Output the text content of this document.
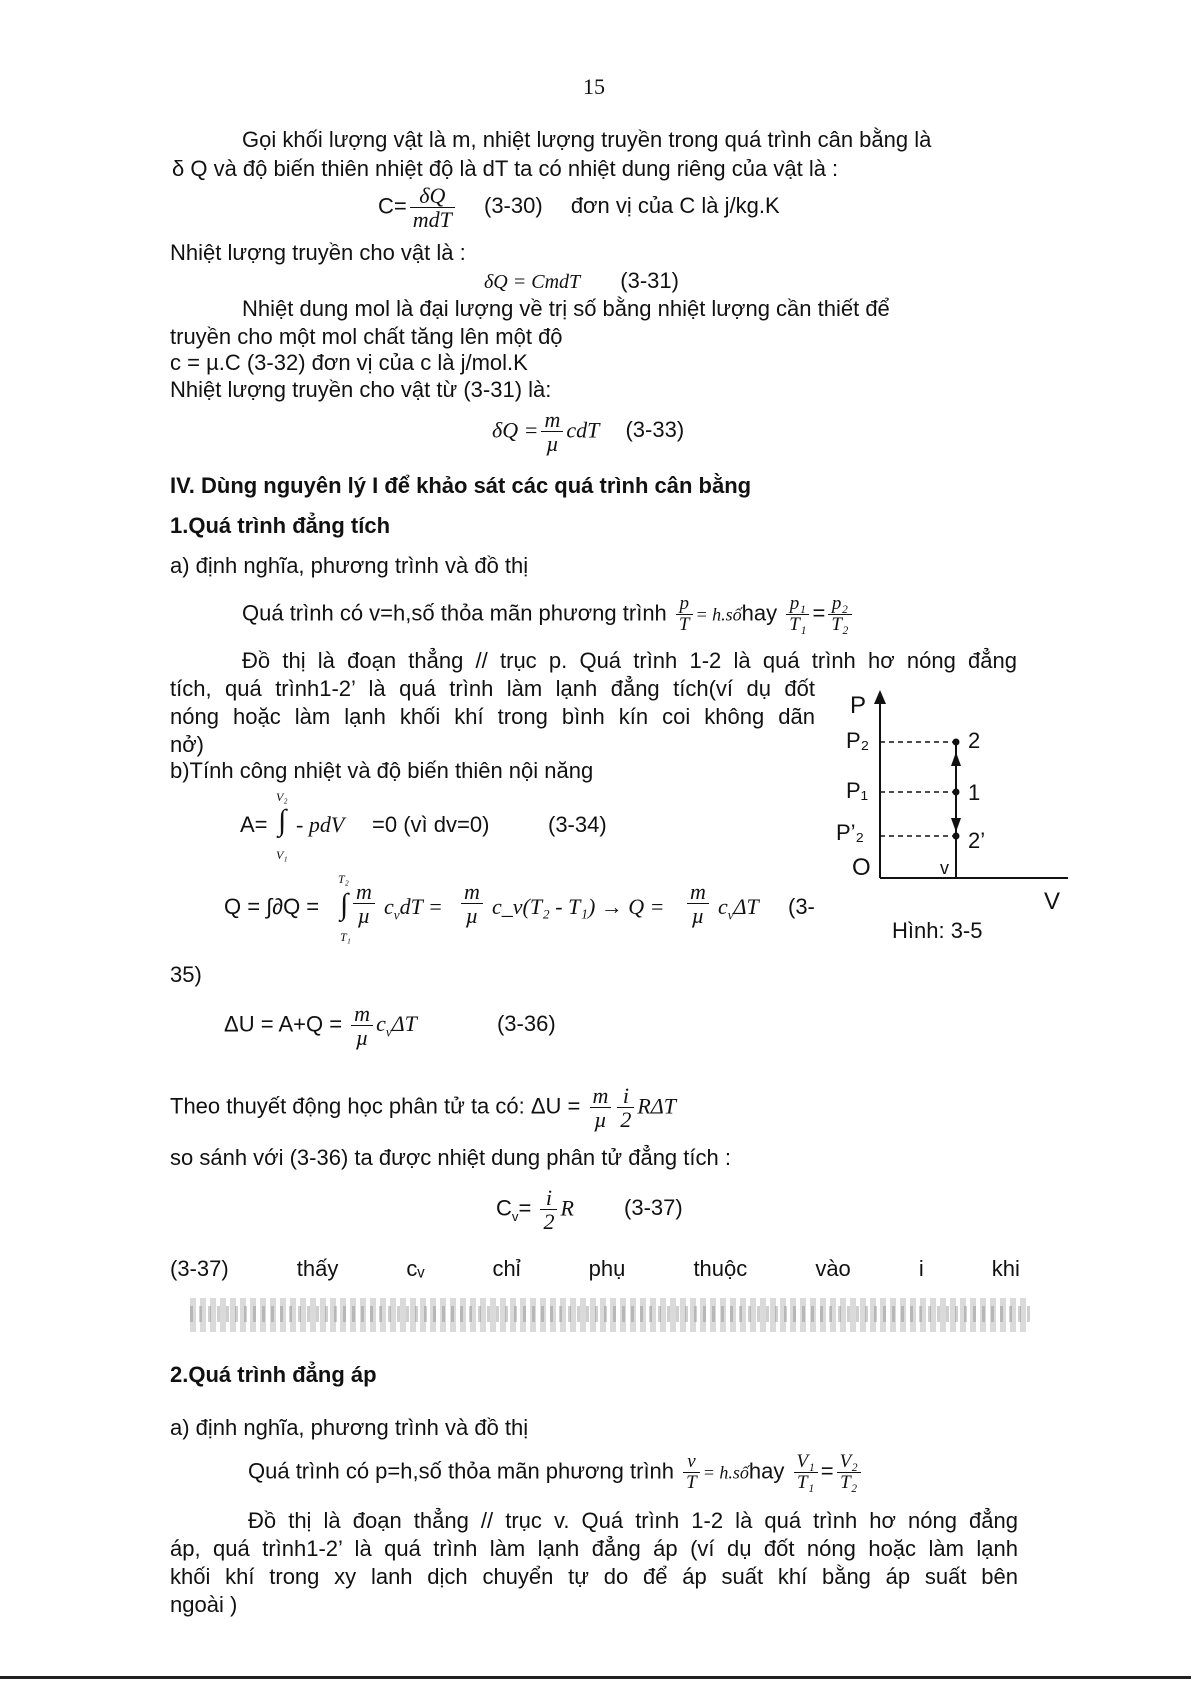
15
Gọi khối lượng vật là m, nhiệt lượng truyền trong quá trình cân bằng là
δ Q và độ biến thiên nhiệt độ là dT ta có nhiệt dung riêng của vật là :
$C= \frac{\delta Q}{\text{mdT}} (3-30)$ đơn vị của C là j/kg.K
Nhiệt lượng truyền cho vật là :
δQ = CmdT (3-31)
Nhiệt dung mol là đại lượng về trị số bằng nhiệt lượng cần thiết để
truyền cho một mol chất tăng lên một độ
c = µ.C (3-32) đơn vị của c là j/mol.K
Nhiệt lượng truyền cho vật từ (3-31) là:
$\delta Q = \frac{m}{\text{µ}}$ cdT (3-33)
IV. Dùng nguyên lý I để khảo sát các quá trình cân bằng
1.Quá trình đẳng tích
a) định nghĩa, phương trình và đồ thị
Quá trình có v=h,số thỏa mãn phương trình $\frac{p}{T}$ = h.sốhay $\frac{\text{p₁}}{\text{T₁}} = \frac{\text{p₂}}{\text{T₂}}$
Đồ thị là đoạn thẳng // trục p. Quá trình 1-2 là quá trình hơ nóng đẳng
tích, quá trình1-2’ là quá trình làm lạnh đẳng tích(ví dụ đốt
nóng hoặc làm lạnh khối khí trong bình kín coi không dãn
nở)
b)Tính công nhiệt và độ biến thiên nội năng
A=
V₂
∫
V₁
- pdV =0 (vì dv=0)	(3-34)
Q = ∫∂Q =
T₂
∫
T₁
m
µ $c_vdT$ =
m
µ c_v(T₂ - T₁) → Q =
m
µ $c_v\Delta T$ (3-
35)
$\Delta U = A+Q = \frac{m}{\text{µ}} c_v\Delta T$	(3-36)
Theo thuyết động học phân tử ta có: $\Delta U = \frac{m}{\text{µ}} \frac{i}{2}$ RΔT
so sánh với (3-36) ta được nhiệt dung phân tử đẳng tích :
$C_v= \frac{i}{2}$ R (3-37)
(3-37)	thấy	cᵥ	chỉ	phụ	thuộc	vào	i	khi
2.Quá trình đẳng áp
a) định nghĩa, phương trình và đồ thị
Quá trình có p=h,số thỏa mãn phương trình $\frac{v}{T}$ = h.sốhay $\frac{\text{V₁}}{\text{T₁}} = \frac{\text{V₂}}{\text{T₂}}$
Đồ thị là đoạn thẳng // trục v. Quá trình 1-2 là quá trình hơ nóng đẳng
áp, quá trình1-2’ là quá trình làm lạnh đẳng áp (ví dụ đốt nóng hoặc làm lạnh
khối khí trong xy lanh dịch chuyển tự do để áp suất khí bằng áp suất bên
ngoài )
P
P₂
P₁
P’₂
O	v
V
2
1
2’
Hình: 3-5
